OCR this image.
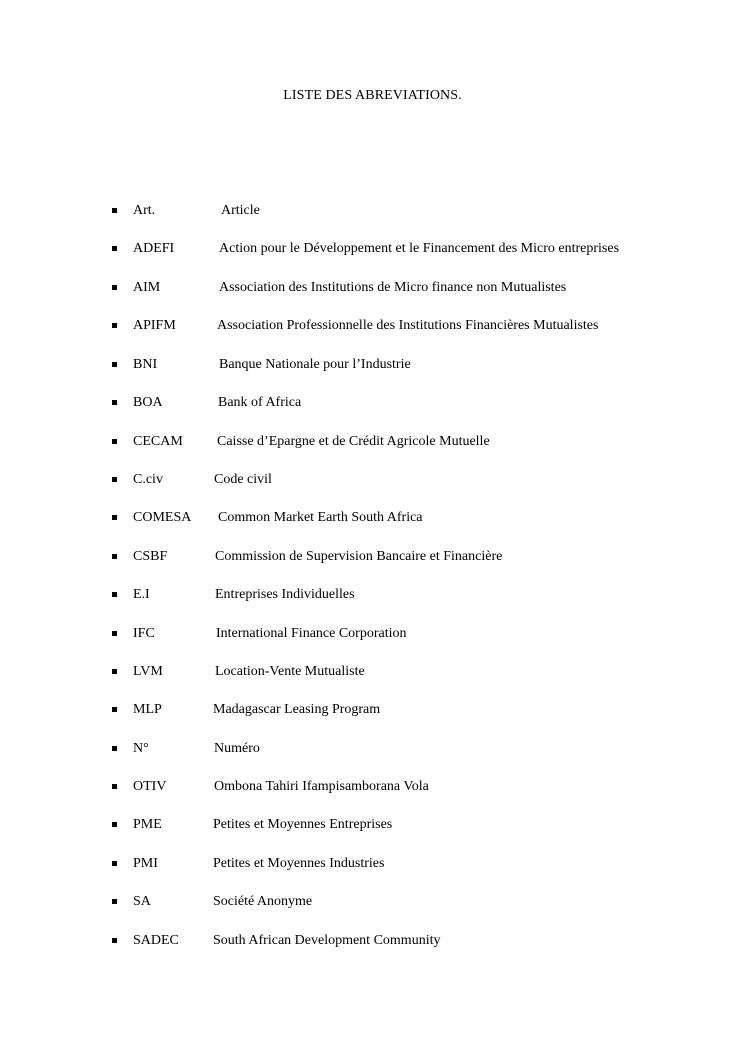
LISTE DES ABREVIATIONS.
Art.	Article
ADEFI	Action pour le Développement et le Financement des Micro entreprises
AIM	Association des Institutions de Micro finance non Mutualistes
APIFM	Association Professionnelle des Institutions Financières Mutualistes
BNI	Banque Nationale pour l’Industrie
BOA	Bank of Africa
CECAM Caisse d’Epargne et de Crédit Agricole Mutuelle
C.civ	Code civil
COMESA Common Market Earth South Africa
CSBF	Commission de Supervision Bancaire et Financière
E.I	Entreprises Individuelles
IFC	International Finance Corporation
LVM	Location-Vente Mutualiste
MLP	Madagascar Leasing Program
N°	Numéro
OTIV	Ombona Tahiri Ifampisamborana Vola
PME	Petites et Moyennes Entreprises
PMI	Petites et Moyennes Industries
SA	Société Anonyme
SADEC South African Development Community
